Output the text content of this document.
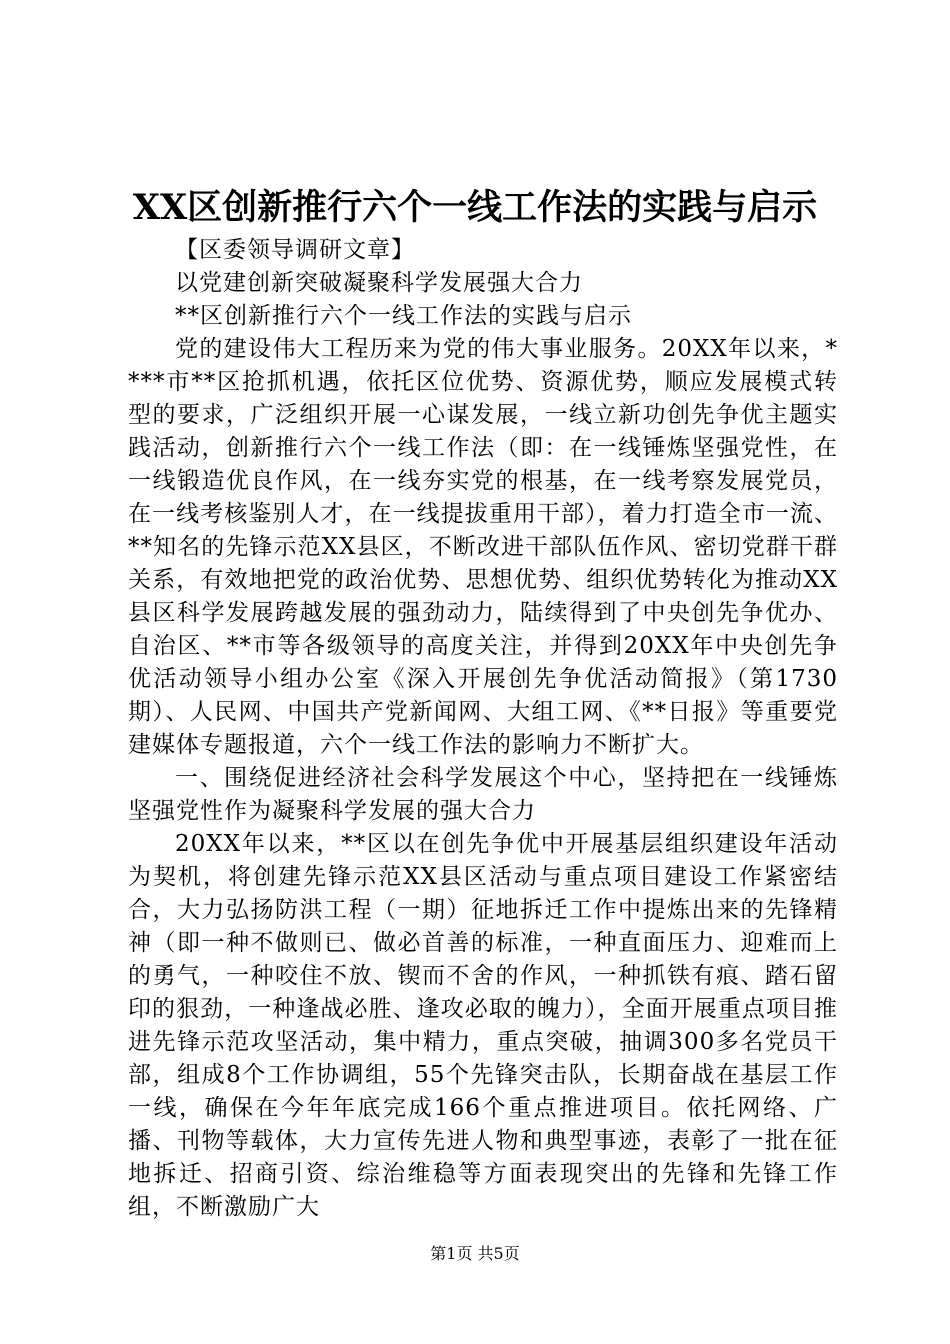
XX区创新推行六个一线工作法的实践与启示

【区委领导调研文章】

以党建创新突破凝聚科学发展强大合力

**区创新推行六个一线工作法的实践与启示

党的建设伟大工程历来为党的伟大事业服务。20XX年以来，****市**区抢抓机遇，依托区位优势、资源优势，顺应发展模式转型的要求，广泛组织开展一心谋发展，一线立新功创先争优主题实践活动，创新推行六个一线工作法（即：在一线锤炼坚强党性，在一线锻造优良作风，在一线夯实党的根基，在一线考察发展党员，在一线考核鉴别人才，在一线提拔重用干部），着力打造全市一流、**知名的先锋示范XX县区，不断改进干部队伍作风、密切党群干群关系，有效地把党的政治优势、思想优势、组织优势转化为推动XX县区科学发展跨越发展的强劲动力，陆续得到了中央创先争优办、自治区、**市等各级领导的高度关注，并得到20XX年中央创先争优活动领导小组办公室《深入开展创先争优活动简报》（第1730期）、人民网、中国共产党新闻网、大组工网、《**日报》等重要党建媒体专题报道，六个一线工作法的影响力不断扩大。

一、围绕促进经济社会科学发展这个中心，坚持把在一线锤炼坚强党性作为凝聚科学发展的强大合力

20XX年以来，**区以在创先争优中开展基层组织建设年活动为契机，将创建先锋示范XX县区活动与重点项目建设工作紧密结合，大力弘扬防洪工程（一期）征地拆迁工作中提炼出来的先锋精神（即一种不做则已、做必首善的标准，一种直面压力、迎难而上的勇气，一种咬住不放、锲而不舍的作风，一种抓铁有痕、踏石留印的狠劲，一种逢战必胜、逢攻必取的魄力），全面开展重点项目推进先锋示范攻坚活动，集中精力，重点突破，抽调300多名党员干部，组成8个工作协调组，55个先锋突击队，长期奋战在基层工作一线，确保在今年年底完成166个重点推进项目。依托网络、广播、刊物等载体，大力宣传先进人物和典型事迹，表彰了一批在征地拆迁、招商引资、综治维稳等方面表现突出的先锋和先锋工作组，不断激励广大

第1页 共5页
